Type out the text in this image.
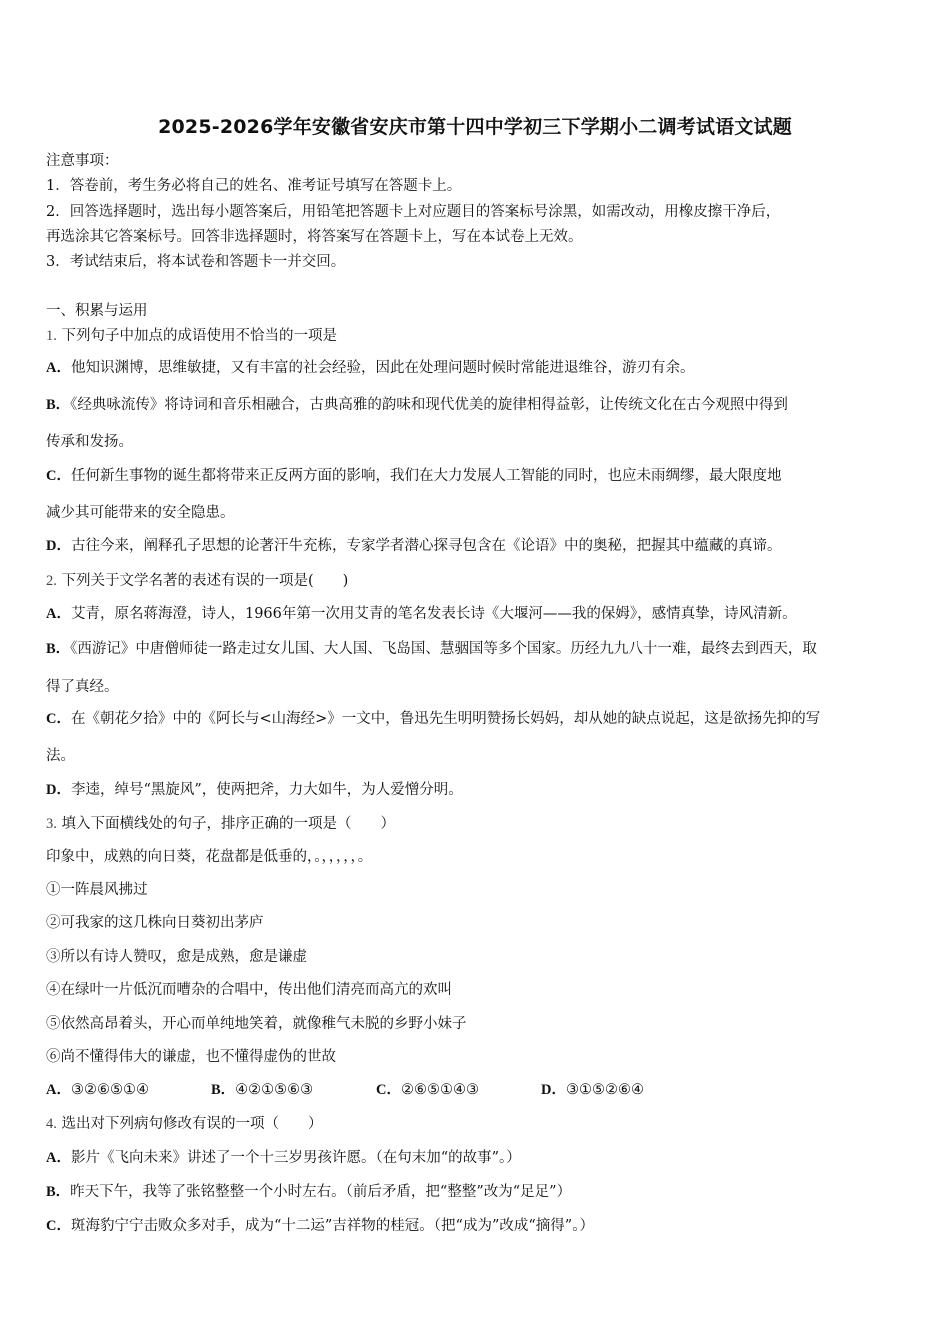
2025-2026学年安徽省安庆市第十四中学初三下学期小二调考试语文试题
注意事项：
1．答卷前，考生务必将自己的姓名、准考证号填写在答题卡上。
2．回答选择题时，选出每小题答案后，用铅笔把答题卡上对应题目的答案标号涂黑，如需改动，用橡皮擦干净后，
再选涂其它答案标号。回答非选择题时，将答案写在答题卡上，写在本试卷上无效。
3．考试结束后，将本试卷和答题卡一并交回。
一、积累与运用
1. 下列句子中加点的成语使用不恰当的一项是
A．他知识渊博，思维敏捷，又有丰富的社会经验，因此在处理问题时候时常能进退维谷，游刃有余。
B．《经典咏流传》将诗词和音乐相融合，古典高雅的韵味和现代优美的旋律相得益彰，让传统文化在古今观照中得到
传承和发扬。
C．任何新生事物的诞生都将带来正反两方面的影响，我们在大力发展人工智能的同时，也应未雨绸缪，最大限度地
减少其可能带来的安全隐患。
D．古往今来，阐释孔子思想的论著汗牛充栋，专家学者潜心探寻包含在《论语》中的奥秘，把握其中蕴藏的真谛。
2. 下列关于文学名著的表述有误的一项是(　　)
A．艾青，原名蒋海澄，诗人，1966年第一次用艾青的笔名发表长诗《大堰河——我的保姆》，感情真挚，诗风清新。
B．《西游记》中唐僧师徒一路走过女儿国、大人国、飞岛国、慧骃国等多个国家。历经九九八十一难，最终去到西天，取
得了真经。
C．在《朝花夕拾》中的《阿长与<山海经>》一文中，鲁迅先生明明赞扬长妈妈，却从她的缺点说起，这是欲扬先抑的写
法。
D．李逵，绰号“黑旋风”，使两把斧，力大如牛，为人爱憎分明。
3. 填入下面横线处的句子，排序正确的一项是（　　）
印象中，成熟的向日葵，花盘都是低垂的，。，，，，，。
①一阵晨风拂过
②可我家的这几株向日葵初出茅庐
③所以有诗人赞叹，愈是成熟，愈是谦虚
④在绿叶一片低沉而嘈杂的合唱中，传出他们清亮而高亢的欢叫
⑤依然高昂着头，开心而单纯地笑着，就像稚气未脱的乡野小妹子
⑥尚不懂得伟大的谦虚，也不懂得虚伪的世故
A．③②⑥⑤①④	B．④②①⑤⑥③	C．②⑥⑤①④③	D．③①⑤②⑥④
4. 选出对下列病句修改有误的一项（　　）
A．影片《飞向未来》讲述了一个十三岁男孩许愿。（在句末加“的故事”。）
B．昨天下午，我等了张铭整整一个小时左右。（前后矛盾，把“整整”改为“足足”）
C．斑海豹宁宁击败众多对手，成为“十二运”吉祥物的桂冠。（把“成为”改成“摘得”。）
